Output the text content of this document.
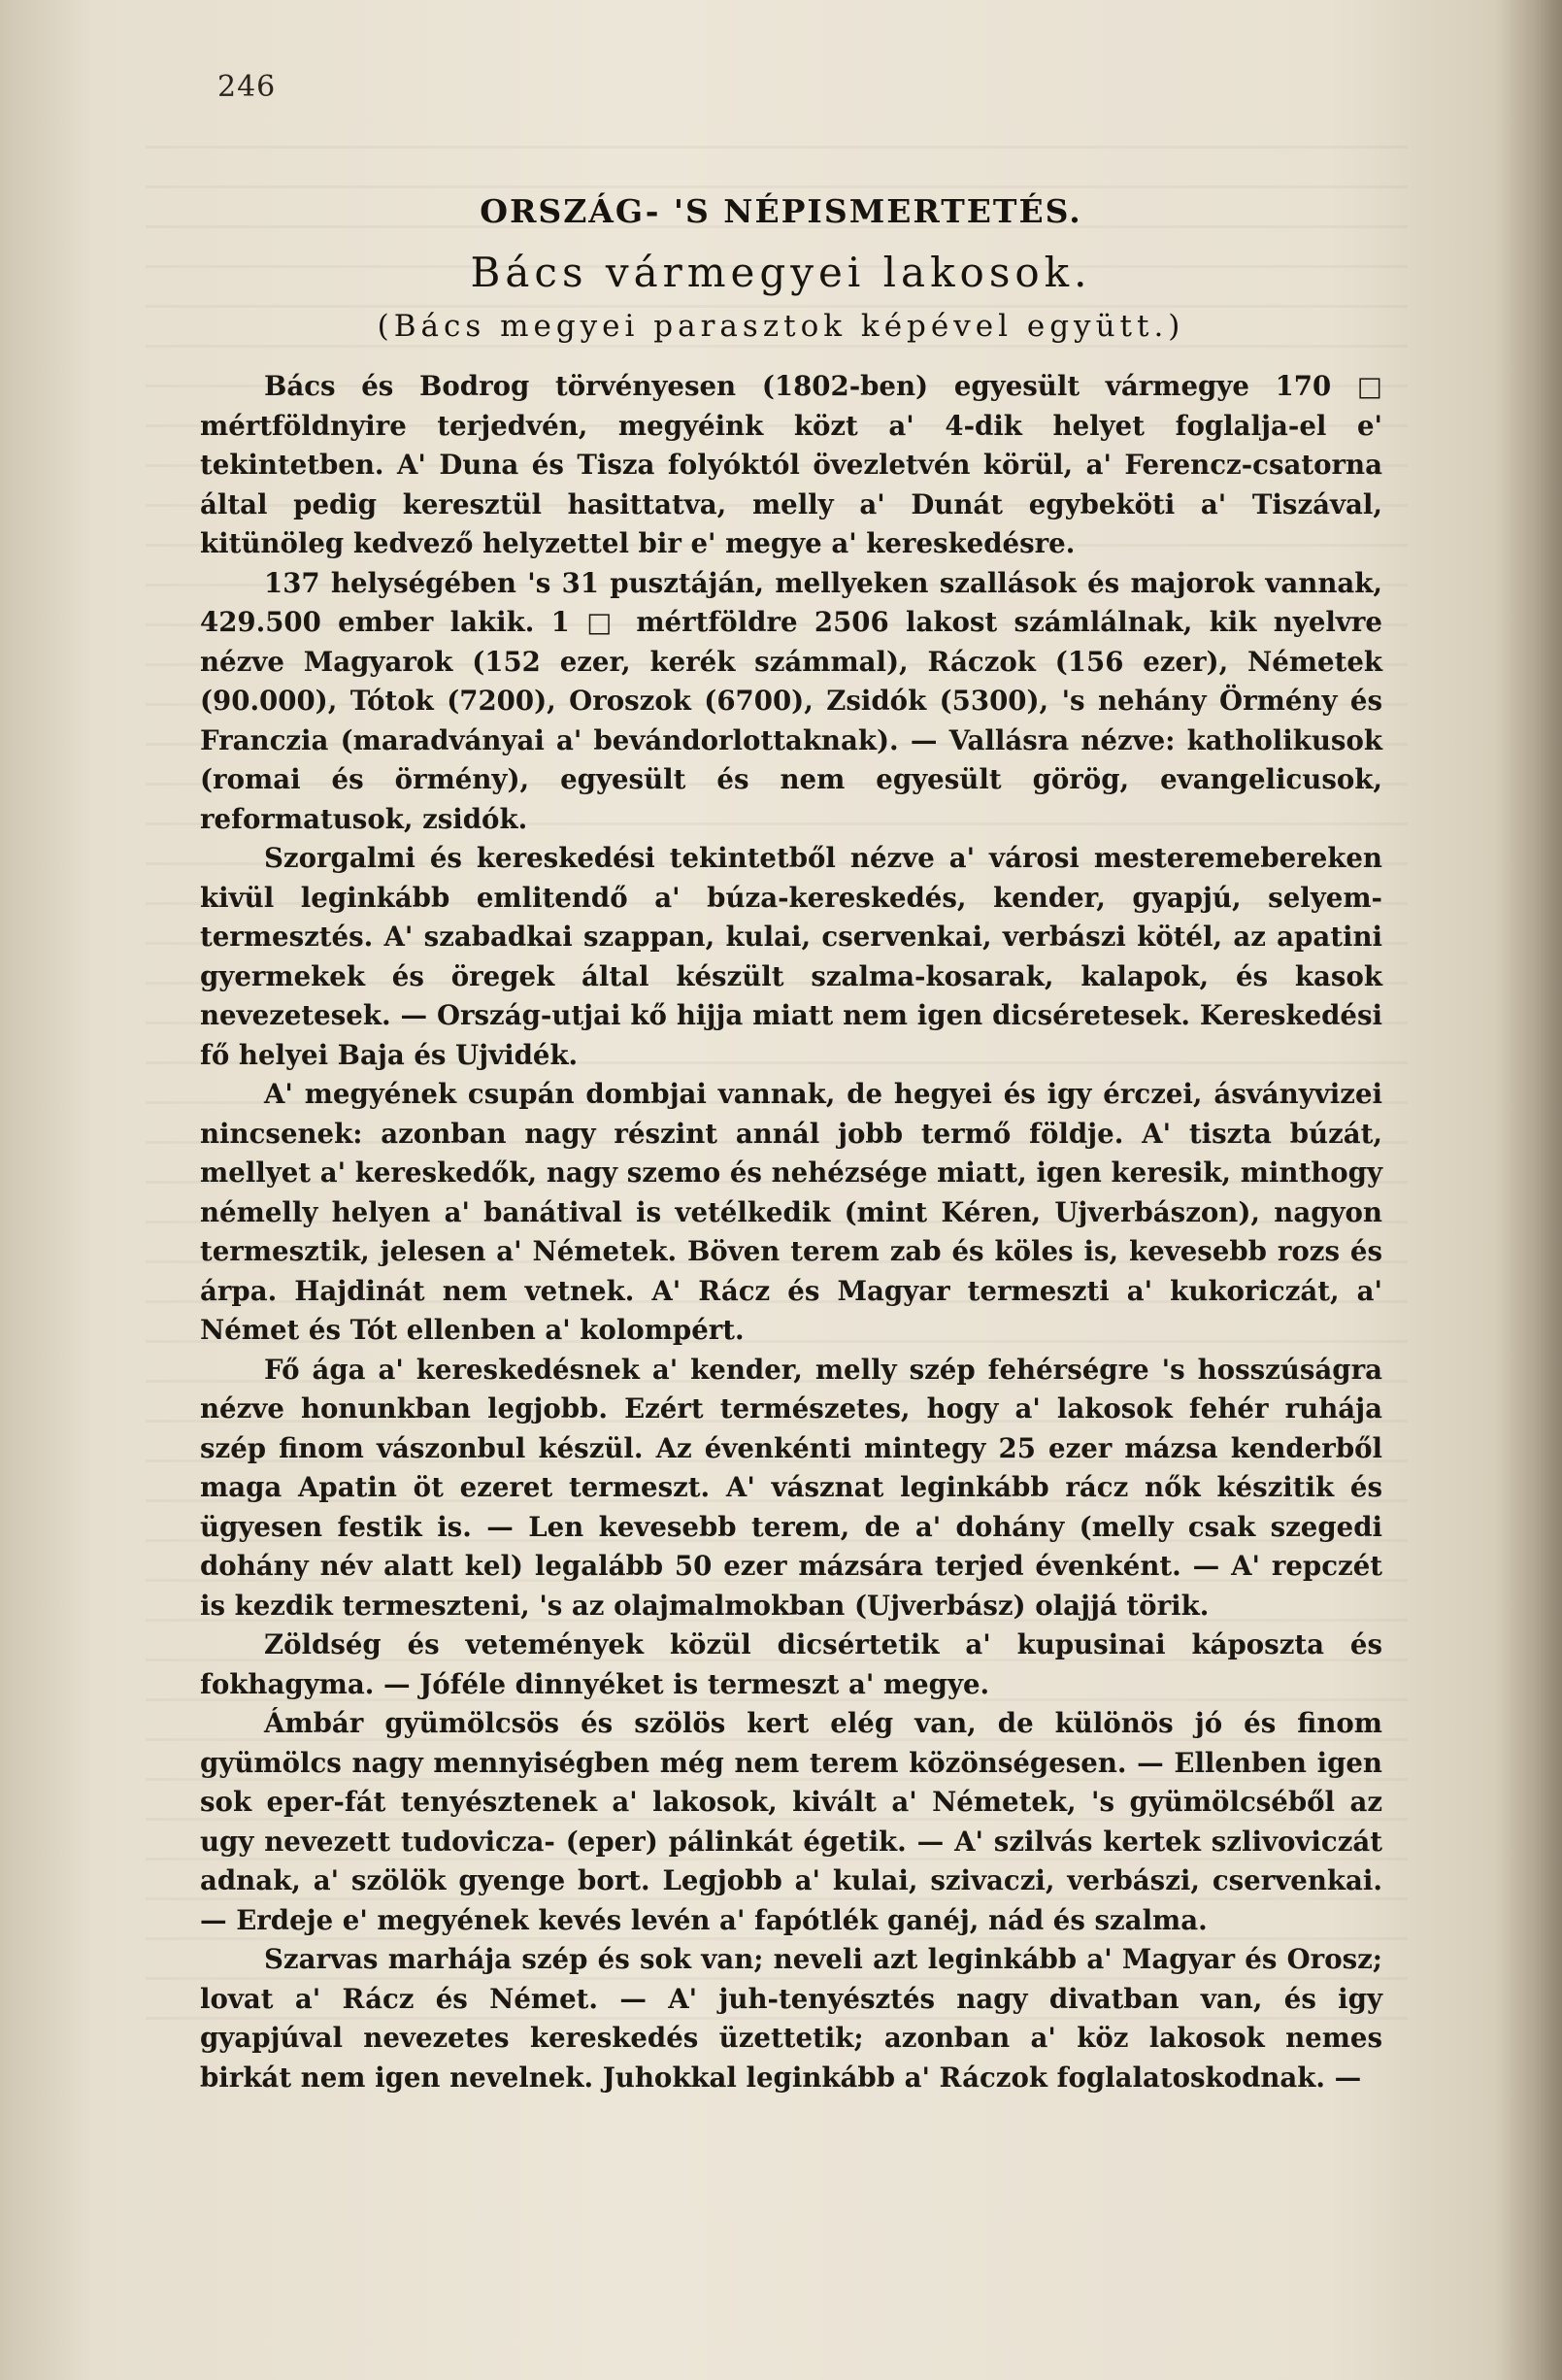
246
ORSZÁG- 'S NÉPISMERTETÉS.
Bács vármegyei lakosok.
(Bács megyei parasztok képével együtt.)

Bács és Bodrog törvényesen (1802-ben) egyesült vármegye 170 □ mértföldnyire terjedvén, megyéink közt a' 4-dik helyet foglalja-el e' tekintetben. A' Duna és Tisza folyóktól övezletvén körül, a' Ferencz-csatorna által pedig keresztül hasittatva, melly a' Dunát egybeköti a' Tiszával, kitünöleg kedvező helyzettel bir e' megye a' kereskedésre.

137 helységében 's 31 pusztáján, mellyeken szallások és majorok vannak, 429.500 ember lakik. 1 □ mértföldre 2506 lakost számlálnak, kik nyelvre nézve Magyarok (152 ezer, kerék számmal), Ráczok (156 ezer), Németek (90.000), Tótok (7200), Oroszok (6700), Zsidók (5300), 's nehány Örmény és Franczia (maradványai a' bevándorlottaknak). — Vallásra nézve: katholikusok (romai és örmény), egyesült és nem egyesült görög, evangelicusok, reformatusok, zsidók.

Szorgalmi és kereskedési tekintetből nézve a' városi mesteremebereken kivül leginkább emlitendő a' búza-kereskedés, kender, gyapjú, selyem-termesztés. A' szabadkai szappan, kulai, cservenkai, verbászi kötél, az apatini gyermekek és öregek által készült szalma-kosarak, kalapok, és kasok nevezetesek. — Ország-utjai kő hijja miatt nem igen dicséretesek. Kereskedési fő helyei Baja és Ujvidék.

A' megyének csupán dombjai vannak, de hegyei és igy érczei, ásványvizei nincsenek: azonban nagy részint annál jobb termő földje. A' tiszta búzát, mellyet a' kereskedők, nagy szemo és nehézsége miatt, igen keresik, minthogy némelly helyen a' banátival is vetélkedik (mint Kéren, Ujverbászon), nagyon termesztik, jelesen a' Németek. Böven terem zab és köles is, kevesebb rozs és árpa. Hajdinát nem vetnek. A' Rácz és Magyar termeszti a' kukoriczát, a' Német és Tót ellenben a' kolompért.

Fő ága a' kereskedésnek a' kender, melly szép fehérségre 's hosszúságra nézve honunkban legjobb. Ezért természetes, hogy a' lakosok fehér ruhája szép finom vászonbul készül. Az évenkénti mintegy 25 ezer mázsa kenderből maga Apatin öt ezeret termeszt. A' vásznat leginkább rácz nők készitik és ügyesen festik is. — Len kevesebb terem, de a' dohány (melly csak szegedi dohány név alatt kel) legalább 50 ezer mázsára terjed évenként. — A' repczét is kezdik termeszteni, 's az olajmalmokban (Ujverbász) olajjá törik.

Zöldség és vetemények közül dicsértetik a' kupusinai káposzta és fokhagyma. — Jóféle dinnyéket is termeszt a' megye.

Ámbár gyümölcsös és szölös kert elég van, de különös jó és finom gyümölcs nagy mennyiségben még nem terem közönségesen. — Ellenben igen sok eper-fát tenyésztenek a' lakosok, kivált a' Németek, 's gyümölcséből az ugy nevezett tudovicza- (eper) pálinkát égetik. — A' szilvás kertek szlivoviczát adnak, a' szölök gyenge bort. Legjobb a' kulai, szivaczi, verbászi, cservenkai. — Erdeje e' megyének kevés levén a' fapótlék ganéj, nád és szalma.

Szarvas marhája szép és sok van; neveli azt leginkább a' Magyar és Orosz; lovat a' Rácz és Német. — A' juh-tenyésztés nagy divatban van, és igy gyapjúval nevezetes kereskedés üzettetik; azonban a' köz lakosok nemes birkát nem igen nevelnek. Juhokkal leginkább a' Ráczok foglalatoskodnak. —
